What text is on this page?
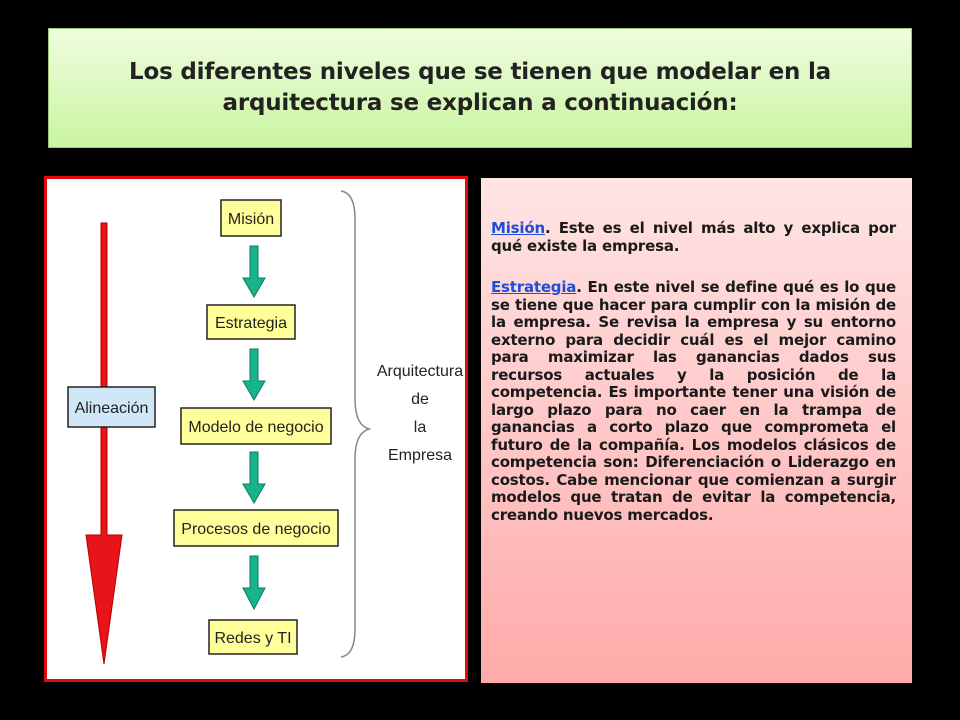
Los diferentes niveles que se tienen que modelar en la arquitectura se explican a continuación:
Alineación
Misión
Estrategia
Modelo de negocio
Procesos de negocio
Redes y TI
Arquitectura
de
la
Empresa

Misión. Este es el nivel más alto y explica por qué existe la empresa.

Estrategia. En este nivel se define qué es lo que se tiene que hacer para cumplir con la misión de la empresa. Se revisa la empresa y su entorno externo para decidir cuál es el mejor camino para maximizar las ganancias dados sus recursos actuales y la posición de la competencia. Es importante tener una visión de largo plazo para no caer en la trampa de ganancias a corto plazo que comprometa el futuro de la compañía. Los modelos clásicos de competencia son: Diferenciación o Liderazgo en costos. Cabe mencionar que comienzan a surgir modelos que tratan de evitar la competencia, creando nuevos mercados.
